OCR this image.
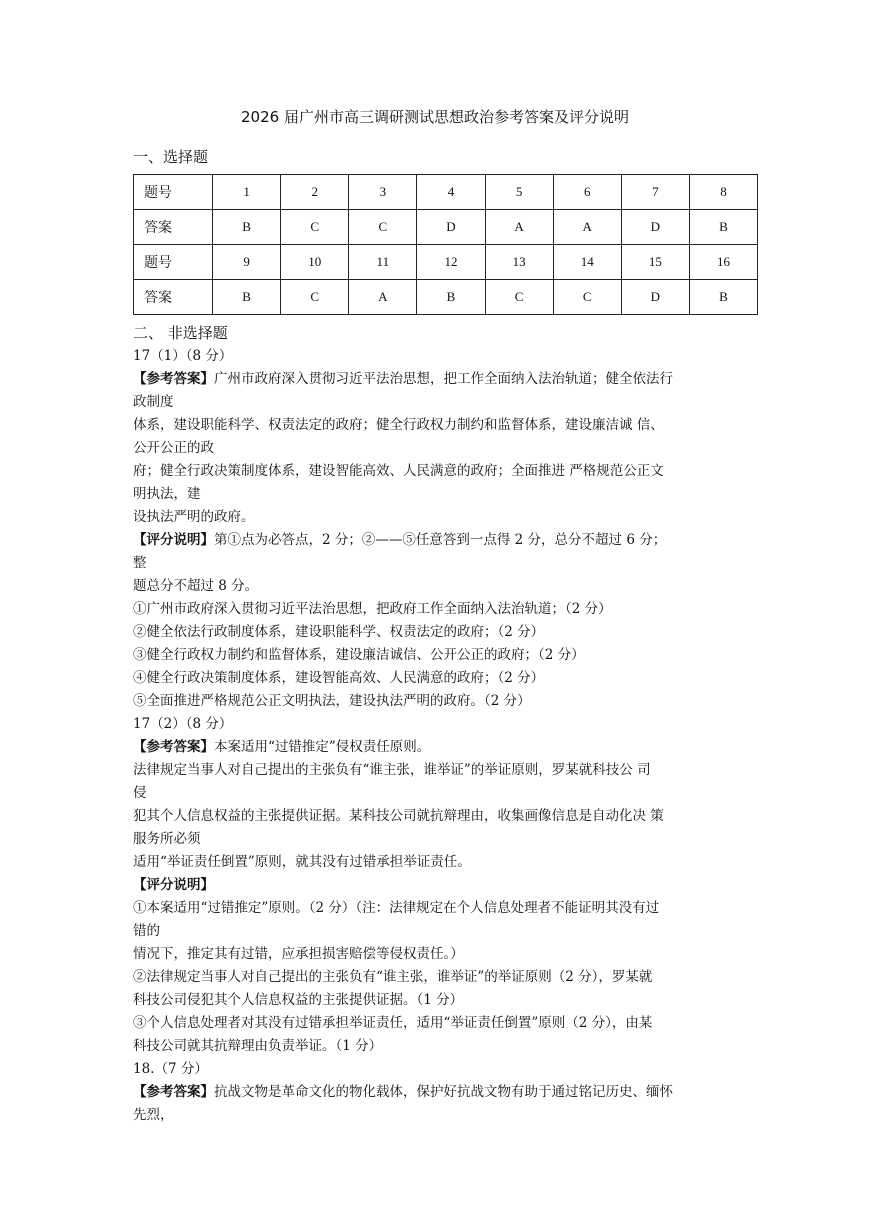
2026 届广州市高三调研测试思想政治参考答案及评分说明
一、选择题
题号	1	2	3	4	5	6	7	8
答案	B	C	C	D	A	A	D	B
题号	9	10	11	12	13	14	15	16
答案	B	C	A	B	C	C	D	B
二、 非选择题

17（1）（8 分）

【参考答案】广州市政府深入贯彻习近平法治思想，把工作全面纳入法治轨道；健全依法行

政制度

体系，建设职能科学、权责法定的政府；健全行政权力制约和监督体系，建设廉洁诚 信、

公开公正的政

府；健全行政决策制度体系，建设智能高效、人民满意的政府；全面推进 严格规范公正文

明执法，建

设执法严明的政府。

【评分说明】第①点为必答点，2 分；②——⑤任意答到一点得 2 分，总分不超过 6 分；

整

题总分不超过 8 分。

①广州市政府深入贯彻习近平法治思想，把政府工作全面纳入法治轨道；（2 分）

②健全依法行政制度体系，建设职能科学、权责法定的政府；（2 分）

③健全行政权力制约和监督体系，建设廉洁诚信、公开公正的政府；（2 分）

④健全行政决策制度体系，建设智能高效、人民满意的政府；（2 分）

⑤全面推进严格规范公正文明执法，建设执法严明的政府。（2 分）

17（2）（8 分）

【参考答案】本案适用“过错推定”侵权责任原则。

法律规定当事人对自己提出的主张负有“谁主张，谁举证”的举证原则，罗某就科技公 司

侵

犯其个人信息权益的主张提供证据。某科技公司就抗辩理由，收集画像信息是自动化决 策

服务所必须

适用“举证责任倒置”原则，就其没有过错承担举证责任。

【评分说明】

①本案适用“过错推定”原则。（2 分）（注：法律规定在个人信息处理者不能证明其没有过

错的

情况下，推定其有过错，应承担损害赔偿等侵权责任。）

②法律规定当事人对自己提出的主张负有“谁主张，谁举证”的举证原则（2 分），罗某就

科技公司侵犯其个人信息权益的主张提供证据。（1 分）

③个人信息处理者对其没有过错承担举证责任，适用“举证责任倒置”原则（2 分），由某

科技公司就其抗辩理由负责举证。（1 分）

18.（7 分）

【参考答案】抗战文物是革命文化的物化载体，保护好抗战文物有助于通过铭记历史、缅怀

先烈，
